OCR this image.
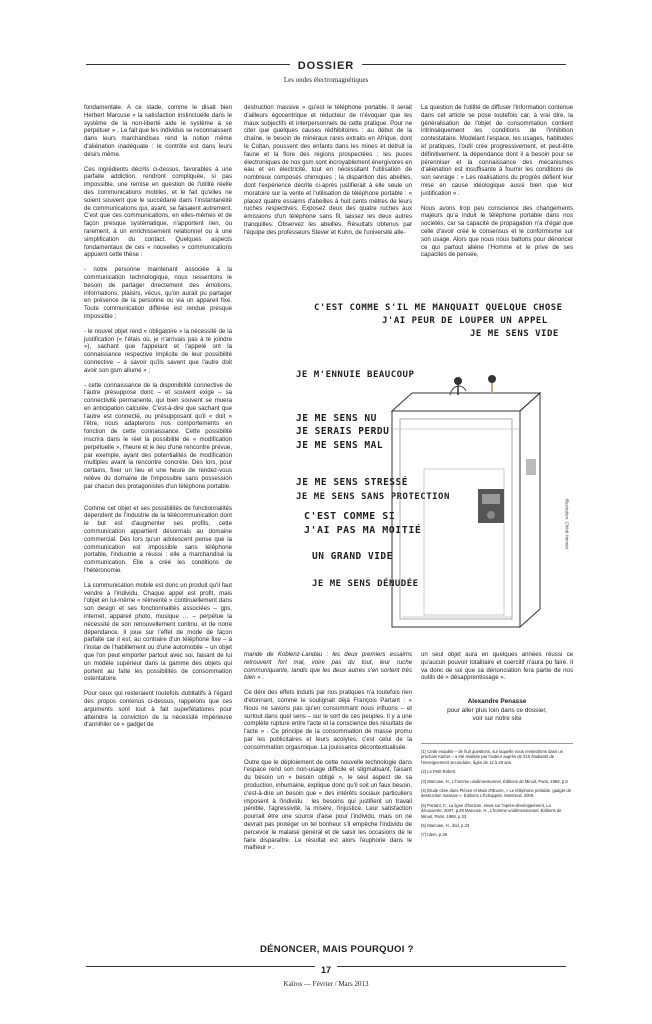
DOSSIER
Les ondes électromagnétiques

fondamentale. A ce stade, comme le disait bien Herbert Marcuse « la satisfaction instinctuelle dans le système de la non-liberté aide le système à se perpétuer » . Le fait que les individus se reconnaissent dans leurs marchandises rend la notion même d'aliénation inadéquate : le contrôle est dans leurs désirs même.

Ces ingrédients décrits ci-dessus, favorables à une parfaite addiction, rendront compliquée, si pas impossible, une remise en question de l'utilité réelle des communications mobiles, et le fait qu'elles ne soient souvent que le succédané dans l'instantanéité de communications qui, avant, se faisaient autrement. C'est que ces communications, en elles-mêmes et de façon presque systématique, n'apportent rien, ou rarement, à un enrichissement relationnel ou à une simplification du contact. Quelques aspects fondamentaux de ces « nouvelles » communications appuient cette thèse :

- notre personne maintenant associée à la communication technologique, nous ressentons le besoin de partager directement des émotions, informations, plaisirs, vécus, qu'on aurait pu partager en présence de la personne ou via un appareil fixe. Toute communication différée est rendue presque impossible ;

- le nouvel objet rend « obligatoire » la nécessité de la justification (« t'étais où, je n'arrivais pas à te joindre »), sachant que l'appelant et l'appelé ont la connaissance respective implicite de leur possibilité connective – à savoir qu'ils savent que l'autre doit avoir son gsm allumé » ;

- cette connaissance de la disponibilité connective de l'autre présuppose donc – et souvent exige – sa connectivité permanente, qui bien souvent se muera en anticipation calculée. C'est-à-dire que sachant que l'autre est connecté, ou présupposant qu'il « doit » l'être, nous adapterons nos comportements en fonction de cette connaissance. Cette possibilité inscrira dans le réel la possibilité de « modification perpétuelle », l'heure et le lieu d'une rencontre prévue, par exemple, ayant des potentialités de modification multiples avant la rencontre concrète. Dès lors, pour certains, fixer un lieu et une heure de rendez-vous relève du domaine de l'impossible sans possession par chacun des protagonistes d'un téléphone portable.

Comme cet objet et ses possibilités de fonctionnalités dépendent de l'industrie de la télécommunication dont le but est d'augmenter ses profits, cette communication appartient désormais au domaine commercial. Dès lors qu'un adolescent pense que la communication est impossible sans téléphone portable, l'industrie a réussi : elle a marchandisé la communication. Elle a créé les conditions de l'hétéronomie.

La communication mobile est donc un produit qu'il faut vendre à l'individu. Chaque appel est profit, mais l'objet en lui-même « réinventé » continuellement dans son design et ses fonctionnalités associées – gps, internet, appareil photo, musique … – perpétue la nécessité de son renouvellement continu, et de notre dépendance. Il joue sur l'effet de mode de façon parfaite car il est, au contraire d'un téléphone fixe – à l'instar de l'habillement ou d'une automobile – un objet que l'on peut emporter partout avec soi, faisant de lui un modèle supérieur dans la gamme des objets qui portent au faîte les possibilités de consommation ostentatoire.

Pour ceux qui resteraient toutefois dubitatifs à l'égard des propos contenus ci-dessus, rappelons que ces arguments sont tout à fait superfétatoires pour atteindre la conviction de la nécessité impérieuse d'annihiler ce « gadget de

destruction massive » qu'est le téléphone portable. Il serait d'ailleurs égocentrique et réducteur de n'évoquer que les maux subjectifs et interpersonnels de cette pratique. Pour ne citer que quelques causes rédhibitoires : au début de la chaîne, le besoin de minéraux rares extraits en Afrique, dont le Coltan, poussent des enfants dans les mines et détruit la faune et la flore des régions prospectées ; les puces électroniques de nos gsm sont incroyablement énergivores en eau et en électricité, tout en nécessitant l'utilisation de nombreux composés chimiques ; la disparition des abeilles, dont l'expérience décrite ci-après justifierait à elle seule un moratoire sur la vente et l'utilisation de téléphone portable : « placez quatre essaims d'abeilles à huit cents mètres de leurs ruches respectives. Exposez deux des quatre ruches aux émissions d'un téléphone sans fil, laissez les deux autres tranquilles. Observez les abeilles. Résultats obtenus par l'équipe des professeurs Stever et Kuhn, de l'université alle-

La question de l'utilité de diffuser l'information contenue dans cet article se pose toutefois car, à vrai dire, la généralisation de l'objet de consommation contient intrinsèquement les conditions de l'inhibition contestataire. Modelant l'espace, les usages, habitudes et pratiques, l'outil crée progressivement, et peut-être définitivement, la dépendance dont il a besoin pour se pérenniser et la connaissance des mécanismes d'aliénation est insuffisante à fournir les conditions de son sevrage : « Les réalisations du progrès défient leur mise en cause idéologique aussi bien que leur justification » .

Nous avons trop peu conscience des changements majeurs qu'a induit le téléphone portable dans nos sociétés, car sa capacité de propagation n'a d'égal que celle d'avoir créé le consensus et le conformisme sur son usage. Alors que nous nous battons pour dénoncer ce qui partout aliène l'Homme et le prive de ses capacités de pensée,

C'EST COMME S'IL ME MANQUAIT QUELQUE CHOSE
J'AI PEUR DE LOUPER UN APPEL
JE ME SENS VIDE
JE M'ENNUIE BEAUCOUP
JE ME SENS NU
JE SERAIS PERDU
JE ME SENS MAL
JE ME SENS STRESSÉ
JE ME SENS SANS PROTECTION
C'EST COMME SI
J'AI PAS MA MOITIÉ
UN GRAND VIDE
JE ME SENS DÉNUDÉE
Illustration: Chloé Henriet

mande de Koblenz-Landau : les deux premiers essaims retrouvent fort mal, voire pas du tout, leur ruche communiquante, tandis que les deux autres s'en sortent très bien » .

Ce déni des effets induits par nos pratiques n'a toutefois rien d'étonnant, comme le soulignait déjà François Partant : « Nous ne savons pas qu'en consommant nous influons – et surtout dans quel sens – sur le sort de ces peuples. Il y a une complète rupture entre l'acte et la conscience des résultats de l'acte » . Ce principe de la consommation de masse promu par les publicitaires et leurs acolytes, c'est celui de la consommation orgasmique. La jouissance décontextualisée.

Outre que le déploiement de cette nouvelle technologie dans l'espace rend son non-usage difficile et stigmatisant, faisant du besoin un « besoin obligé », le seul aspect de sa production, inhumaine, explique donc qu'il soit un faux besoin, c'est-à-dire un besoin que « des intérêts sociaux particuliers imposent à l'individu : les besoins qui justifient un travail pénible, l'agressivité, la misère, l'injustice. Leur satisfaction pourrait être une source d'aise pour l'individu, mais on ne devrait pas protéger un tel bonheur s'il empêche l'individu de percevoir le malaise général et de saisir les occasions de le faire disparaître. Le résultat est alors l'euphorie dans le malheur » .

un seul objet aura en quelques années réussi ce qu'aucun pouvoir totalitaire et coercitif n'aura pu faire. Il va donc de soi que sa dénonciation fera partie de nos outils de « désapprentissage ».

Alexandre Penasse
pour aller plus loin dans ce dossier,
voir sur notre site
(1) Cette enquête – de huit questions, sur laquelle nous reviendrons dans un prochain Kaïros – a été réalisée par l'auteur auprès de 210 étudiants de l'enseignement secondaire, âgés de 12 à 20 ans.
(2) Le Petit Robert.
(3) Marcuse, H., L'homme unidimensionnel, Éditions de Minuit, Paris, 1968, p.9
(4) Étude citée dans Pièces et Main d'Œuvre, « Le téléphone portable, gadget de destruction massive », Éditions L'Échappée, Montreuil, 2008.
(5) Partant, F., La ligne d'horizon, essai sur l'après-développement, La découverte, 2007, p.29 Marcuse, H., L'homme unidimensionnel, Éditions de Minuit, Paris, 1968, p.33
(6) Marcuse, H., ibid, p.33
(7) Idem, p.36
DÉNONCER, MAIS POURQUOI ?
17
Kaïros — Février / Mars 2013
